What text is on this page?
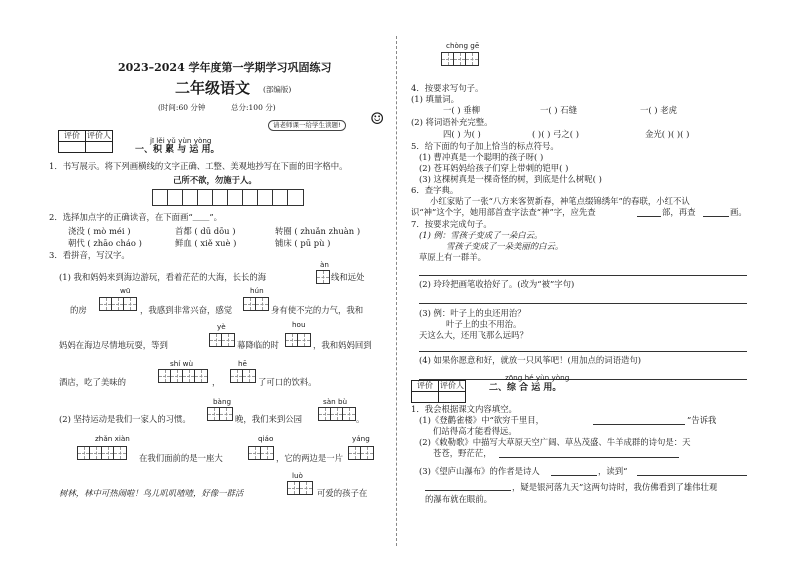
2023–2024 学年度第一学期学习巩固练习
二年级语文 (部编版)
(时间:60 分钟	总分:100 分)
请老师课一给学生读题!	☺
评价	评价人

jī lěi yǔ yùn yòng
一、积 累 与 运 用。
1．书写展示。将下列画横线的文字正确、工整、美观地抄写在下面的田字格中。
己所不欲，勿施于人。
2．选择加点字的正确读音，在下面画“＿＿”。
浇没 ( mò méi )	首都 ( dū dōu )	转圈 ( zhuǎn zhuàn )
朝代 ( zhāo cháo )	鲜血 ( xiě xuè )	铺床 ( pū pù )
3．看拼音，写汉字。
àn
(1) 我和妈妈来到海边游玩，看着茫茫的大海，长长的海	线和远处
wū	hún
的房	，我感到非常兴奋，感觉	身有使不完的力气，我和
yè	hou
妈妈在海边尽情地玩耍，等到	幕降临的时	，我和妈妈回到
shí wù	hē
酒店，吃了美味的	，	了可口的饮料。
bàng	sàn bù
(2) 坚持运动是我们一家人的习惯。	晚，我们来到公园	。
zhǎn xiàn	qiáo	yáng
在我们面前的是一座大	，它的两边是一片
luò
树林，林中可热闹啦！鸟儿叽叽喳喳，好像一群活	可爱的孩子在
chòng gē
4．按要求写句子。
(1) 填量词。
一( ) 垂柳	一( ) 石缝	一( ) 老虎
(2) 将词语补充完整。
四( ) 为( )	( )( ) 弓之( )	金光( )( )( )
5．给下面的句子加上恰当的标点符号。
(1) 曹冲真是一个聪明的孩子呀( )
(2) 苍耳妈妈给孩子们穿上带刺的铠甲( )
(3) 这棵树真是一棵奇怪的树，到底是什么树呢( )
6．查字典。
小红家贴了一张“八方来客贺新春，神笔点缀锦绣年”的春联，小红不认
识“神”这个字，她用部首查字法查“神”字，应先查	部，再查	画。
7．按要求完成句子。
(1) 例：雪孩子变成了一朵白云。
雪孩子变成了一朵美丽的白云。
草原上有一群羊。
(2) 玲玲把画笔收拾好了。(改为“被”字句)
(3) 例：叶子上的虫还用治？
叶子上的虫不用治。
天这么大，还用飞那么远吗？
(4) 如果你愿意和好，就放一只风筝吧！(用加点的词语造句)
评价	评价人

zōng hé yùn yòng
二、综 合 运 用。
1．我会根据课文内容填空。
(1)《登鹳雀楼》中“欲穷千里目，	”告诉我
们站得高才能看得远。
(2)《敕勒歌》中描写大草原天空广阔、草丛茂盛、牛羊成群的诗句是：天
苍苍，野茫茫，
(3)《望庐山瀑布》的作者是诗人	，读到“
，疑是银河落九天”这两句诗时，我仿佛看到了雄伟壮观
的瀑布就在眼前。
